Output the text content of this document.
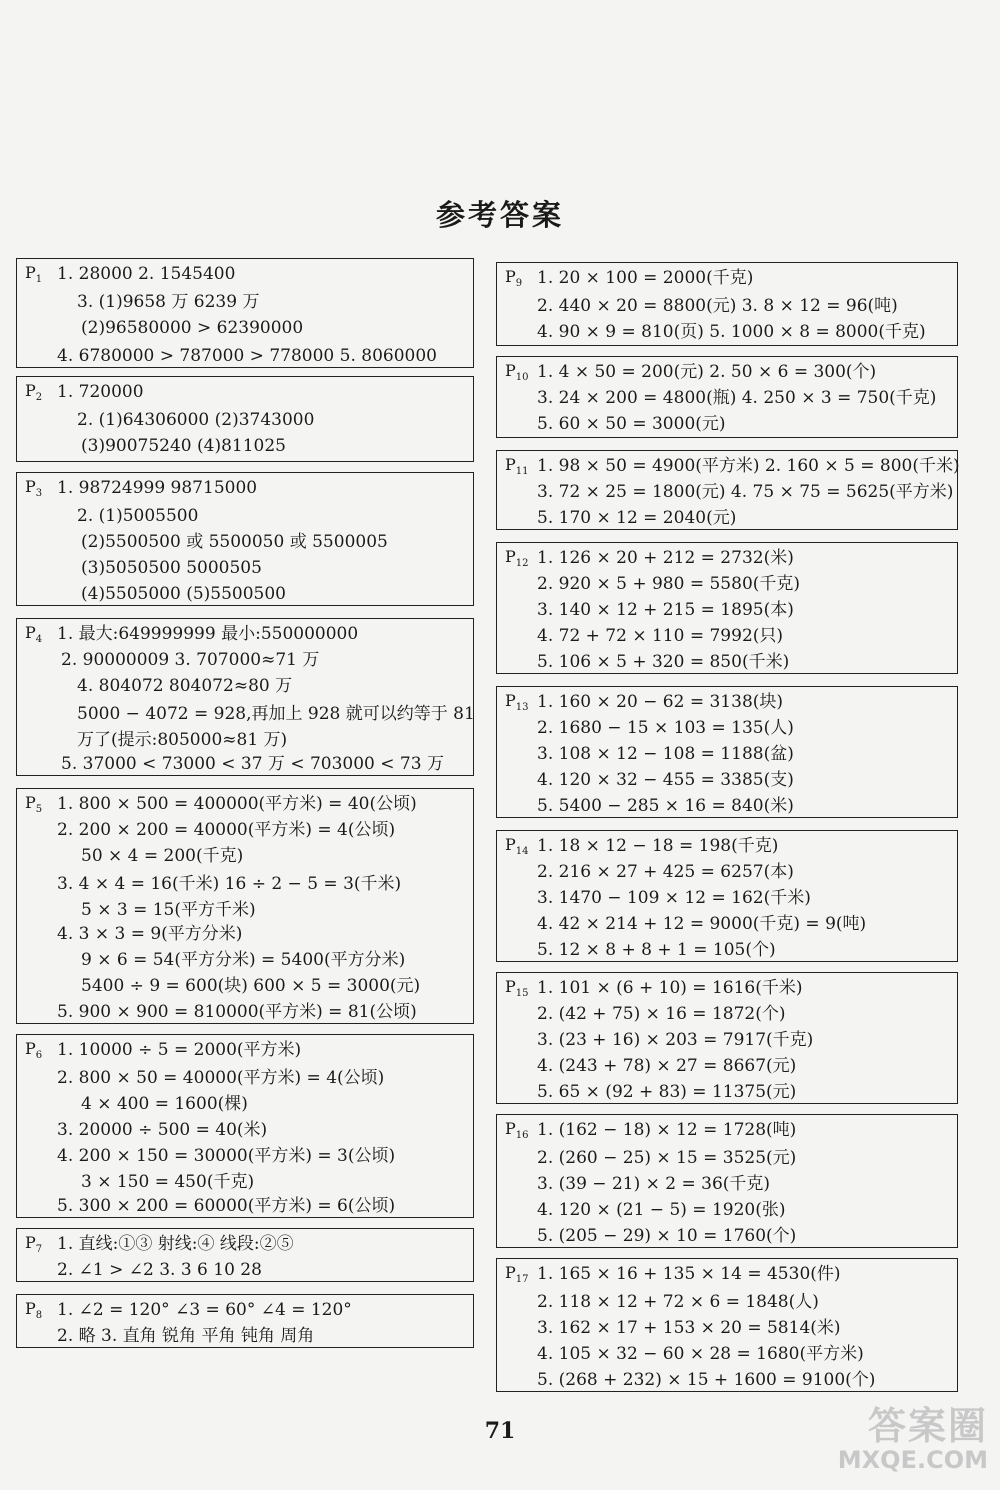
参考答案
$P_1$ 1. 28000 2. 1545400
3. (1)9658 万 6239 万
(2)96580000 > 62390000
4. 6780000 > 787000 > 778000 5. 8060000
$P_2$ 1. 720000
2. (1)64306000 (2)3743000
(3)90075240 (4)811025
$P_3$ 1. 98724999 98715000
2. (1)5005500
(2)5500500 或 5500050 或 5500005
(3)5050500 5000505
(4)5505000 (5)5500500
$P_4$ 1. 最大:649999999 最小:550000000
2. 90000009 3. 707000≈71 万
4. 804072 804072≈80 万
5000 − 4072 = 928,再加上 928 就可以约等于 81
万了(提示:805000≈81 万)
5. 37000 < 73000 < 37 万 < 703000 < 73 万
$P_5$ 1. 800 × 500 = 400000(平方米) = 40(公顷)
2. 200 × 200 = 40000(平方米) = 4(公顷)
50 × 4 = 200(千克)
3. 4 × 4 = 16(千米) 16 ÷ 2 − 5 = 3(千米)
5 × 3 = 15(平方千米)
4. 3 × 3 = 9(平方分米)
9 × 6 = 54(平方分米) = 5400(平方分米)
5400 ÷ 9 = 600(块) 600 × 5 = 3000(元)
5. 900 × 900 = 810000(平方米) = 81(公顷)
$P_6$ 1. 10000 ÷ 5 = 2000(平方米)
2. 800 × 50 = 40000(平方米) = 4(公顷)
4 × 400 = 1600(棵)
3. 20000 ÷ 500 = 40(米)
4. 200 × 150 = 30000(平方米) = 3(公顷)
3 × 150 = 450(千克)
5. 300 × 200 = 60000(平方米) = 6(公顷)
$P_7$ 1. 直线:①③ 射线:④ 线段:②⑤
2. ∠1 > ∠2 3. 3 6 10 28
$P_8$ 1. ∠2 = 120° ∠3 = 60° ∠4 = 120°
2. 略 3. 直角 锐角 平角 钝角 周角
$P_9$ 1. 20 × 100 = 2000(千克)
2. 440 × 20 = 8800(元) 3. 8 × 12 = 96(吨)
4. 90 × 9 = 810(页) 5. 1000 × 8 = 8000(千克)
$P_{10}$ 1. 4 × 50 = 200(元) 2. 50 × 6 = 300(个)
3. 24 × 200 = 4800(瓶) 4. 250 × 3 = 750(千克)
5. 60 × 50 = 3000(元)
$P_{11}$ 1. 98 × 50 = 4900(平方米) 2. 160 × 5 = 800(千米)
3. 72 × 25 = 1800(元) 4. 75 × 75 = 5625(平方米)
5. 170 × 12 = 2040(元)
$P_{12}$ 1. 126 × 20 + 212 = 2732(米)
2. 920 × 5 + 980 = 5580(千克)
3. 140 × 12 + 215 = 1895(本)
4. 72 + 72 × 110 = 7992(只)
5. 106 × 5 + 320 = 850(千米)
$P_{13}$ 1. 160 × 20 − 62 = 3138(块)
2. 1680 − 15 × 103 = 135(人)
3. 108 × 12 − 108 = 1188(盆)
4. 120 × 32 − 455 = 3385(支)
5. 5400 − 285 × 16 = 840(米)
$P_{14}$ 1. 18 × 12 − 18 = 198(千克)
2. 216 × 27 + 425 = 6257(本)
3. 1470 − 109 × 12 = 162(千米)
4. 42 × 214 + 12 = 9000(千克) = 9(吨)
5. 12 × 8 + 8 + 1 = 105(个)
$P_{15}$ 1. 101 × (6 + 10) = 1616(千米)
2. (42 + 75) × 16 = 1872(个)
3. (23 + 16) × 203 = 7917(千克)
4. (243 + 78) × 27 = 8667(元)
5. 65 × (92 + 83) = 11375(元)
$P_{16}$ 1. (162 − 18) × 12 = 1728(吨)
2. (260 − 25) × 15 = 3525(元)
3. (39 − 21) × 2 = 36(千克)
4. 120 × (21 − 5) = 1920(张)
5. (205 − 29) × 10 = 1760(个)
$P_{17}$ 1. 165 × 16 + 135 × 14 = 4530(件)
2. 118 × 12 + 72 × 6 = 1848(人)
3. 162 × 17 + 153 × 20 = 5814(米)
4. 105 × 32 − 60 × 28 = 1680(平方米)
5. (268 + 232) × 15 + 1600 = 9100(个)
71	答案圈
MXQE.COM
